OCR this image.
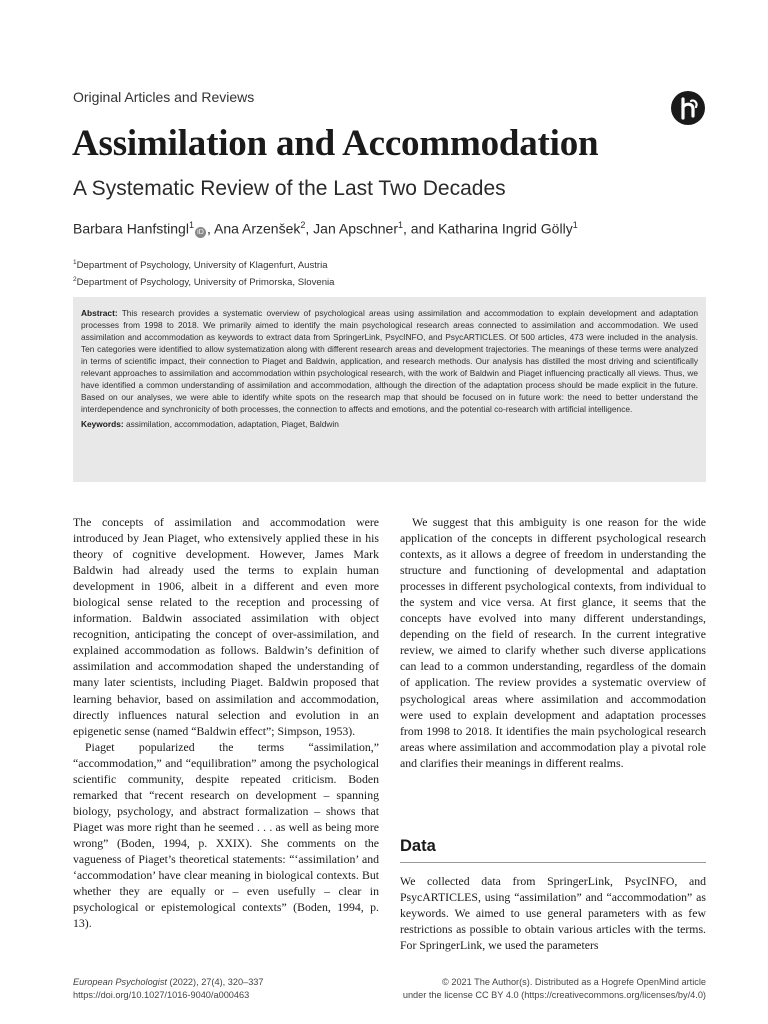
Original Articles and Reviews
Assimilation and Accommodation
A Systematic Review of the Last Two Decades
Barbara Hanfstingl$^1$iD , Ana Arzenšek$^2$, Jan Apschner$^1$, and Katharina Ingrid Gölly$^1$
$^1$Department of Psychology, University of Klagenfurt, Austria
$^2$Department of Psychology, University of Primorska, Slovenia
Abstract: This research provides a systematic overview of psychological areas using assimilation and accommodation to explain development and adaptation processes from 1998 to 2018. We primarily aimed to identify the main psychological research areas connected to assimilation and accommodation. We used assimilation and accommodation as keywords to extract data from SpringerLink, PsycINFO, and PsycARTICLES. Of 500 articles, 473 were included in the analysis. Ten categories were identified to allow systematization along with different research areas and development trajectories. The meanings of these terms were analyzed in terms of scientific impact, their connection to Piaget and Baldwin, application, and research methods. Our analysis has distilled the most driving and scientifically relevant approaches to assimilation and accommodation within psychological research, with the work of Baldwin and Piaget influencing practically all views. Thus, we have identified a common understanding of assimilation and accommodation, although the direction of the adaptation process should be made explicit in the future. Based on our analyses, we were able to identify white spots on the research map that should be focused on in future work: the need to better understand the interdependence and synchronicity of both processes, the connection to affects and emotions, and the potential co-research with artificial intelligence.
Keywords: assimilation, accommodation, adaptation, Piaget, Baldwin

The concepts of assimilation and accommodation were introduced by Jean Piaget, who extensively applied these in his theory of cognitive development. However, James Mark Baldwin had already used the terms to explain human development in 1906, albeit in a different and even more biological sense related to the reception and processing of information. Baldwin associated assimilation with object recognition, anticipating the concept of over-assimilation, and explained accommodation as follows. Baldwin’s definition of assimilation and accommodation shaped the understanding of many later scientists, including Piaget. Baldwin proposed that learning behavior, based on assimilation and accommodation, directly influences natural selection and evolution in an epigenetic sense (named “Baldwin effect”; Simpson, 1953).

Piaget popularized the terms “assimilation,” “accommodation,” and “equilibration” among the psychological scientific community, despite repeated criticism. Boden remarked that “recent research on development – spanning biology, psychology, and abstract formalization – shows that Piaget was more right than he seemed . . . as well as being more wrong” (Boden, 1994, p. XXIX). She comments on the vagueness of Piaget’s theoretical statements: “‘assimilation’ and ‘accommodation’ have clear meaning in biological contexts. But whether they are equally or – even usefully – clear in psychological or epistemological contexts” (Boden, 1994, p. 13).

We suggest that this ambiguity is one reason for the wide application of the concepts in different psychological research contexts, as it allows a degree of freedom in understanding the structure and functioning of developmental and adaptation processes in different psychological contexts, from individual to the system and vice versa. At first glance, it seems that the concepts have evolved into many different understandings, depending on the field of research. In the current integrative review, we aimed to clarify whether such diverse applications can lead to a common understanding, regardless of the domain of application. The review provides a systematic overview of psychological areas where assimilation and accommodation were used to explain development and adaptation processes from 1998 to 2018. It identifies the main psychological research areas where assimilation and accommodation play a pivotal role and clarifies their meanings in different realms.

Data

We collected data from SpringerLink, PsycINFO, and PsycARTICLES, using “assimilation” and “accommodation” as keywords. We aimed to use general parameters with as few restrictions as possible to obtain various articles with the terms. For SpringerLink, we used the parameters

European Psychologist (2022), 27(4), 320–337
https://doi.org/10.1027/1016-9040/a000463
© 2021 The Author(s). Distributed as a Hogrefe OpenMind article
under the license CC BY 4.0 (https://creativecommons.org/licenses/by/4.0)
